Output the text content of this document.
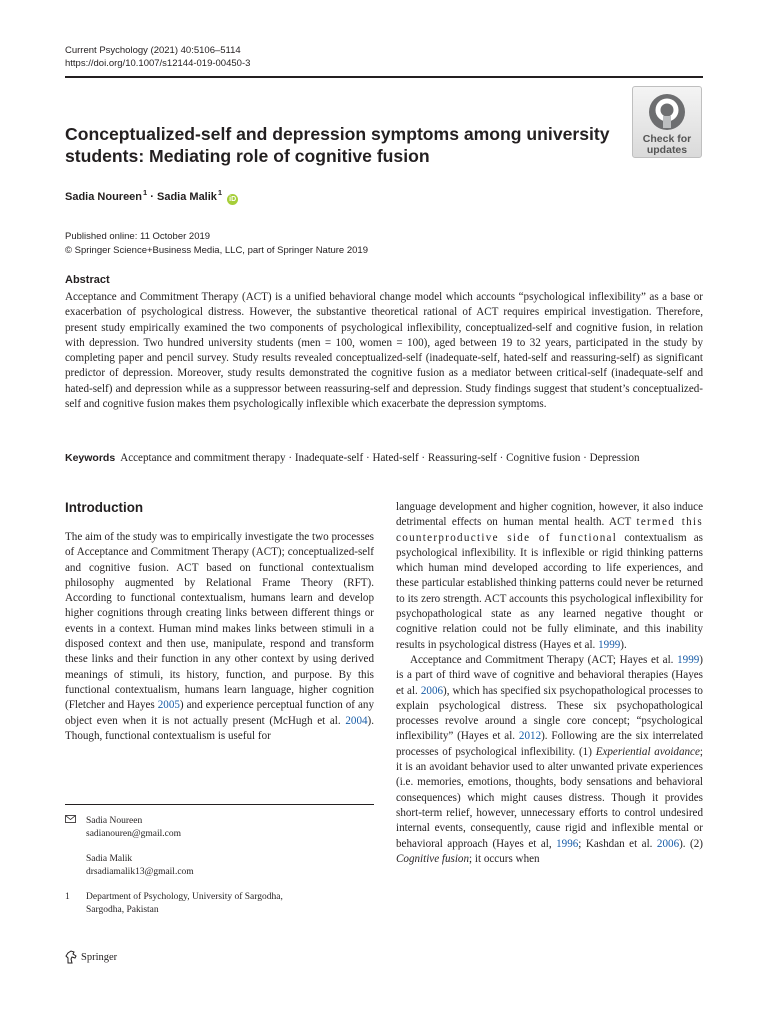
Current Psychology (2021) 40:5106–5114
https://doi.org/10.1007/s12144-019-00450-3
Check for
updates
Conceptualized-self and depression symptoms among university students: Mediating role of cognitive fusion
Sadia Noureen$^1$ · Sadia Malik$^1$ iD
Published online: 11 October 2019
© Springer Science+Business Media, LLC, part of Springer Nature 2019
Abstract
Acceptance and Commitment Therapy (ACT) is a unified behavioral change model which accounts “psychological inflexibility” as a base or exacerbation of psychological distress. However, the substantive theoretical rational of ACT requires empirical investigation. Therefore, present study empirically examined the two components of psychological inflexibility, conceptualized-self and cognitive fusion, in relation with depression. Two hundred university students (men = 100, women = 100), aged between 19 to 32 years, participated in the study by completing paper and pencil survey. Study results revealed conceptualized-self (inadequate-self, hated-self and reassuring-self) as significant predictor of depression. Moreover, study results demonstrated the cognitive fusion as a mediator between critical-self (inadequate-self and hated-self) and depression while as a suppressor between reassuring-self and depression. Study findings suggest that student’s conceptualized-self and cognitive fusion makes them psychologically inflexible which exacerbate the depression symptoms.
Keywords Acceptance and commitment therapy · Inadequate-self · Hated-self · Reassuring-self · Cognitive fusion · Depression
Introduction

The aim of the study was to empirically investigate the two processes of Acceptance and Commitment Therapy (ACT); conceptualized-self and cognitive fusion. ACT based on functional contextualism philosophy augmented by Relational Frame Theory (RFT). According to functional contextualism, humans learn and develop higher cognitions through creating links between different things or events in a context. Human mind makes links between stimuli in a disposed context and then use, manipulate, respond and transform these links and their function in any other context by using derived meanings of stimuli, its history, function, and purpose. By this functional contextualism, humans learn language, higher cognition (Fletcher and Hayes 2005) and experience perceptual function of any object even when it is not actually present (McHugh et al. 2004). Though, functional contextualism is useful for

language development and higher cognition, however, it also induce detrimental effects on human mental health. ACT termed this counterproductive side of functional contextualism as psychological inflexibility. It is inflexible or rigid thinking patterns which human mind developed according to life experiences, and these particular established thinking patterns could never be returned to its zero strength. ACT accounts this psychological inflexibility for psychopathological state as any learned negative thought or cognitive relation could not be fully eliminate, and this inability results in psychological distress (Hayes et al. 1999).

Acceptance and Commitment Therapy (ACT; Hayes et al. 1999) is a part of third wave of cognitive and behavioral therapies (Hayes et al. 2006), which has specified six psychopathological processes to explain psychological distress. These six psychopathological processes revolve around a single core concept; “psychological inflexibility” (Hayes et al. 2012). Following are the six interrelated processes of psychological inflexibility. (1) Experiential avoidance; it is an avoidant behavior used to alter unwanted private experiences (i.e. memories, emotions, thoughts, body sensations and behavioral consequences) which might causes distress. Though it provides short-term relief, however, unnecessary efforts to control undesired internal events, consequently, cause rigid and inflexible mental or behavioral approach (Hayes et al, 1996; Kashdan et al. 2006). (2) Cognitive fusion; it occurs when

Sadia Noureen
sadianouren@gmail.com
Sadia Malik
drsadiamalik13@gmail.com
1	Department of Psychology, University of Sargodha,
Sargodha, Pakistan
Springer
